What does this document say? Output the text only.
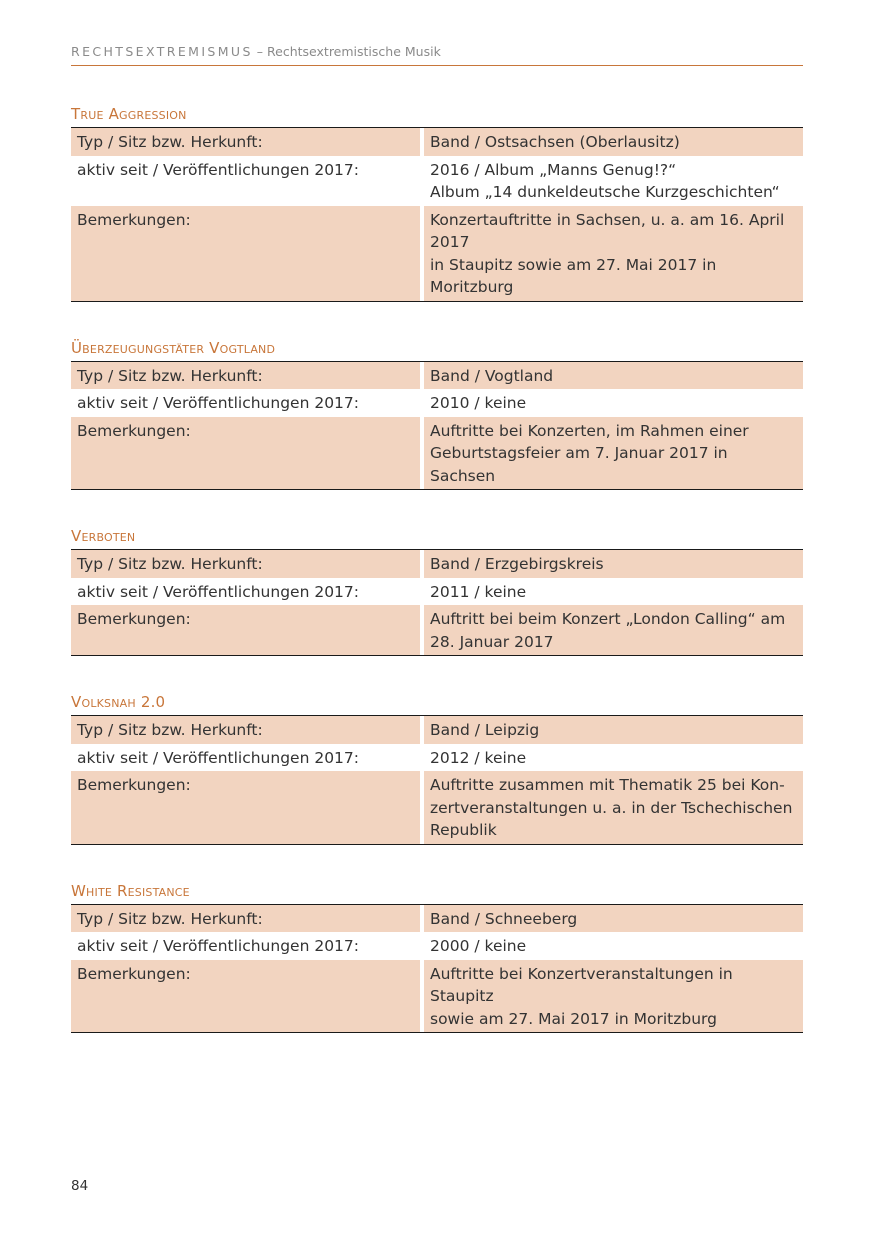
RECHTSEXTREMISMUS – Rechtsextremistische Musik
True Aggression
Typ / Sitz bzw. Herkunft:		Band / Ostsachsen (Oberlausitz)

aktiv seit / Veröffentlichungen 2017:		2016 / Album „Manns Genug!?“
Album „14 dunkeldeutsche Kurzgeschichten“

Bemerkungen:		Konzertauftritte in Sachsen, u. a. am 16. April 2017
in Staupitz sowie am 27. Mai 2017 in Moritzburg
Überzeugungstäter Vogtland
Typ / Sitz bzw. Herkunft:		Band / Vogtland

aktiv seit / Veröffentlichungen 2017:		2010 / keine

Bemerkungen:		Auftritte bei Konzerten, im Rahmen einer
Geburtstagsfeier am 7. Januar 2017 in Sachsen
Verboten
Typ / Sitz bzw. Herkunft:		Band / Erzgebirgskreis

aktiv seit / Veröffentlichungen 2017:		2011 / keine

Bemerkungen:		Auftritt bei beim Konzert „London Calling“ am
28. Januar 2017
Volksnah 2.0
Typ / Sitz bzw. Herkunft:		Band / Leipzig

aktiv seit / Veröffentlichungen 2017:		2012 / keine

Bemerkungen:		Auftritte zusammen mit Thematik 25 bei Kon-
zertveranstaltungen u. a. in der Tschechischen
Republik
White Resistance
Typ / Sitz bzw. Herkunft:		Band / Schneeberg

aktiv seit / Veröffentlichungen 2017:		2000 / keine

Bemerkungen:		Auftritte bei Konzertveranstaltungen in Staupitz
sowie am 27. Mai 2017 in Moritzburg
84
